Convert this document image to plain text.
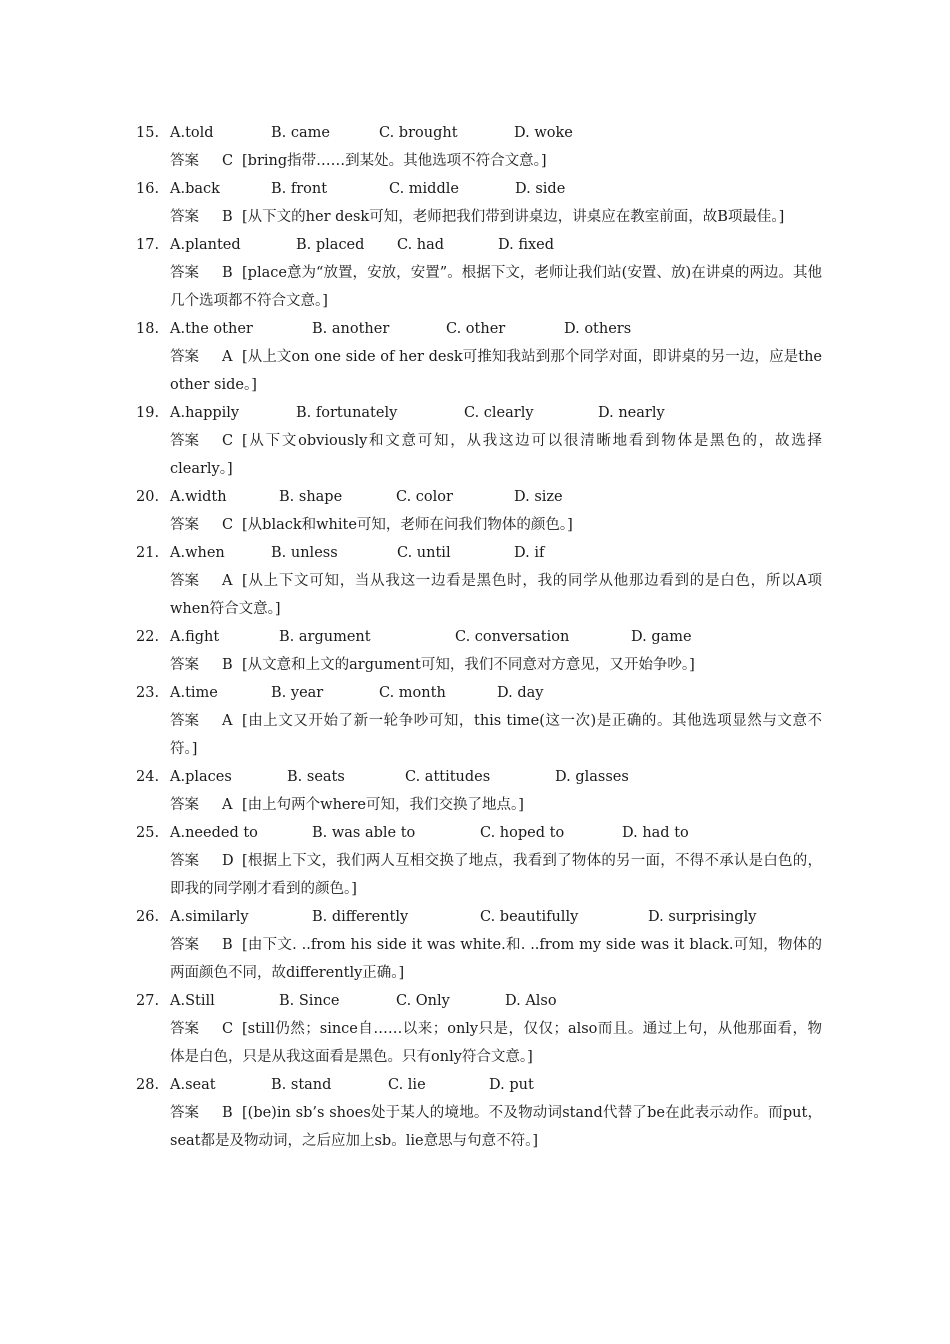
15. A.told	B. came	C. brought	D. woke
答案 C [bring指带……到某处。其他选项不符合文意。]
16. A.back	B. front	C. middle	D. side
答案 B [从下文的her desk可知，老师把我们带到讲桌边，讲桌应在教室前面，故B项最佳。]
17. A.planted	B. placed C. had	D. fixed
答案 B [place意为“放置，安放，安置”。根据下文，老师让我们站(安置、放)在讲桌的两边。其他几个选项都不符合文意。]
18. A.the other	B. another	C. other	D. others
答案 A [从上文on one side of her desk可推知我站到那个同学对面，即讲桌的另一边，应是the other side。]
19. A.happily	B. fortunately	C. clearly	D. nearly
答案 C [从下文obviously和文意可知，从我这边可以很清晰地看到物体是黑色的，故选择clearly。]
20. A.width	B. shape	C. color	D. size
答案 C [从black和white可知，老师在问我们物体的颜色。]
21. A.when	B. unless	C. until	D. if
答案 A [从上下文可知，当从我这一边看是黑色时，我的同学从他那边看到的是白色，所以A项 when符合文意。]
22. A.fight	B. argument	C. conversation	D. game
答案 B [从文意和上文的argument可知，我们不同意对方意见，又开始争吵。]
23. A.time	B. year	C. month	D. day
答案 A [由上文又开始了新一轮争吵可知，this time(这一次)是正确的。其他选项显然与文意不符。]
24. A.places	B. seats	C. attitudes	D. glasses
答案 A [由上句两个where可知，我们交换了地点。]
25. A.needed to	B. was able to	C. hoped to	D. had to
答案 D [根据上下文，我们两人互相交换了地点，我看到了物体的另一面，不得不承认是白色的，即我的同学刚才看到的颜色。]
26. A.similarly	B. differently	C. beautifully	D. surprisingly
答案 B [由下文. ..from his side it was white.和. ..from my side was it black.可知，物体的两面颜色不同，故differently正确。]
27. A.Still	B. Since	C. Only	D. Also
答案 C [still仍然；since自……以来；only只是，仅仅；also而且。通过上句，从他那面看，物体是白色，只是从我这面看是黑色。只有only符合文意。]
28. A.seat	B. stand	C. lie	D. put
答案 B [(be)in sb’s shoes处于某人的境地。不及物动词stand代替了be在此表示动作。而put，seat都是及物动词，之后应加上sb。lie意思与句意不符。]
